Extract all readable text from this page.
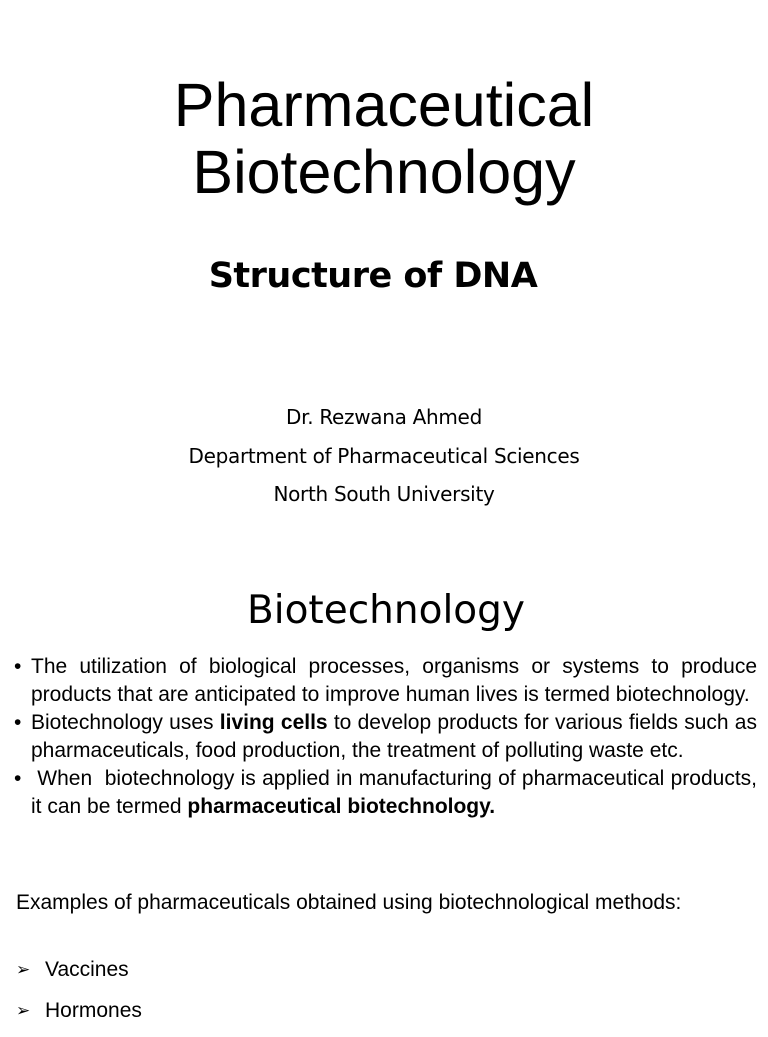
Pharmaceutical
Biotechnology
Structure of DNA
Dr. Rezwana Ahmed
Department of Pharmaceutical Sciences
North South University
Biotechnology
• The utilization of biological processes, organisms or systems to produce products that are anticipated to improve human lives is termed biotechnology.
• Biotechnology uses living cells to develop products for various fields such as pharmaceuticals, food production, the treatment of polluting waste etc.
• When  biotechnology is applied in manufacturing of pharmaceutical products, it can be termed pharmaceutical biotechnology.

Examples of pharmaceuticals obtained using biotechnological methods:

➢ Vaccines
➢ Hormones
